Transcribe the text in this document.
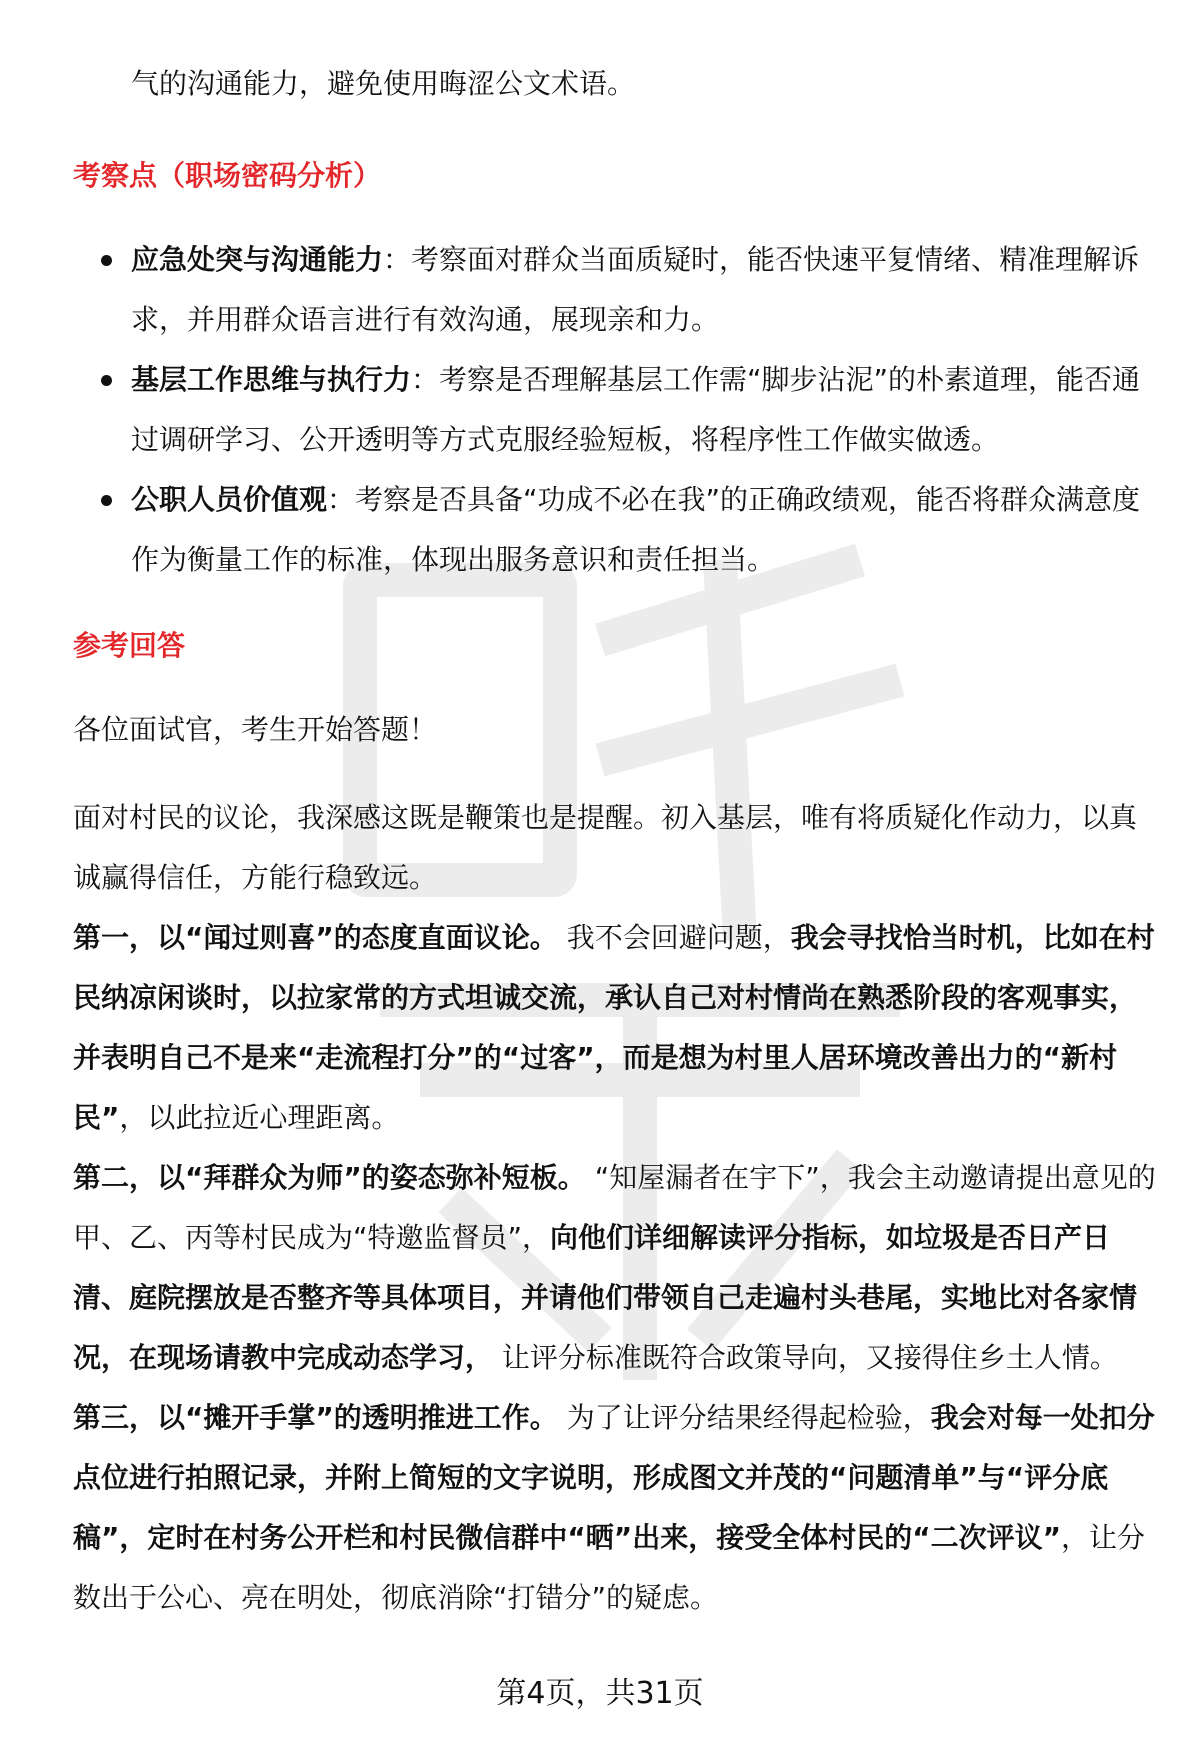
气的沟通能力，避免使用晦涩公文术语。

考察点（职场密码分析）
应急处突与沟通能力：考察面对群众当面质疑时，能否快速平复情绪、精准理解诉求，并用群众语言进行有效沟通，展现亲和力。
基层工作思维与执行力：考察是否理解基层工作需“脚步沾泥”的朴素道理，能否通过调研学习、公开透明等方式克服经验短板，将程序性工作做实做透。
公职人员价值观：考察是否具备“功成不必在我”的正确政绩观，能否将群众满意度作为衡量工作的标准，体现出服务意识和责任担当。
参考回答

各位面试官，考生开始答题！

面对村民的议论，我深感这既是鞭策也是提醒。初入基层，唯有将质疑化作动力，以真诚赢得信任，方能行稳致远。

第一，以“闻过则喜”的态度直面议论。 我不会回避问题，我会寻找恰当时机，比如在村民纳凉闲谈时，以拉家常的方式坦诚交流，承认自己对村情尚在熟悉阶段的客观事实，并表明自己不是来“走流程打分”的“过客”，而是想为村里人居环境改善出力的“新村民”，以此拉近心理距离。

第二，以“拜群众为师”的姿态弥补短板。 “知屋漏者在宇下”，我会主动邀请提出意见的甲、乙、丙等村民成为“特邀监督员”，向他们详细解读评分指标，如垃圾是否日产日清、庭院摆放是否整齐等具体项目，并请他们带领自己走遍村头巷尾，实地比对各家情况，在现场请教中完成动态学习， 让评分标准既符合政策导向，又接得住乡土人情。

第三，以“摊开手掌”的透明推进工作。 为了让评分结果经得起检验，我会对每一处扣分点位进行拍照记录，并附上简短的文字说明，形成图文并茂的“问题清单”与“评分底稿”，定时在村务公开栏和村民微信群中“晒”出来，接受全体村民的“二次评议”，让分数出于公心、亮在明处，彻底消除“打错分”的疑虑。

第4页，共31页
